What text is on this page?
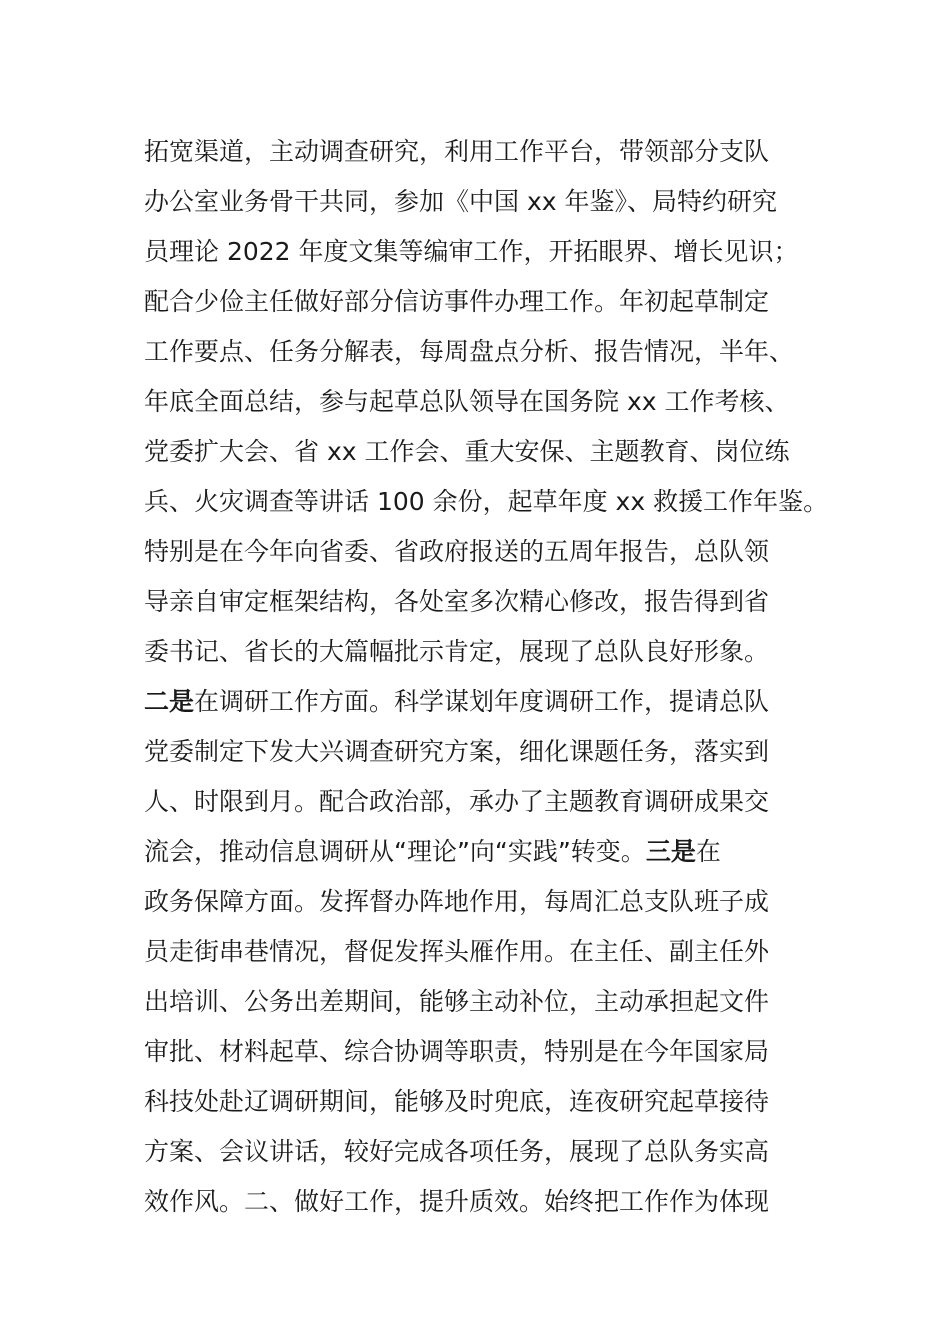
拓宽渠道，主动调查研究，利用工作平台，带领部分支队
办公室业务骨干共同，参加《中国 xx 年鉴》、局特约研究
员理论 2022 年度文集等编审工作，开拓眼界、增长见识；
配合少俭主任做好部分信访事件办理工作。年初起草制定
工作要点、任务分解表，每周盘点分析、报告情况，半年、
年底全面总结，参与起草总队领导在国务院 xx 工作考核、
党委扩大会、省 xx 工作会、重大安保、主题教育、岗位练
兵、火灾调查等讲话 100 余份，起草年度 xx 救援工作年鉴。
特别是在今年向省委、省政府报送的五周年报告，总队领
导亲自审定框架结构，各处室多次精心修改，报告得到省
委书记、省长的大篇幅批示肯定，展现了总队良好形象。
二是在调研工作方面。科学谋划年度调研工作，提请总队
党委制定下发大兴调查研究方案，细化课题任务，落实到
人、时限到月。配合政治部，承办了主题教育调研成果交
流会，推动信息调研从“理论”向“实践”转变。三是在
政务保障方面。发挥督办阵地作用，每周汇总支队班子成
员走街串巷情况，督促发挥头雁作用。在主任、副主任外
出培训、公务出差期间，能够主动补位，主动承担起文件
审批、材料起草、综合协调等职责，特别是在今年国家局
科技处赴辽调研期间，能够及时兜底，连夜研究起草接待
方案、会议讲话，较好完成各项任务，展现了总队务实高
效作风。二、做好工作，提升质效。始终把工作作为体现
